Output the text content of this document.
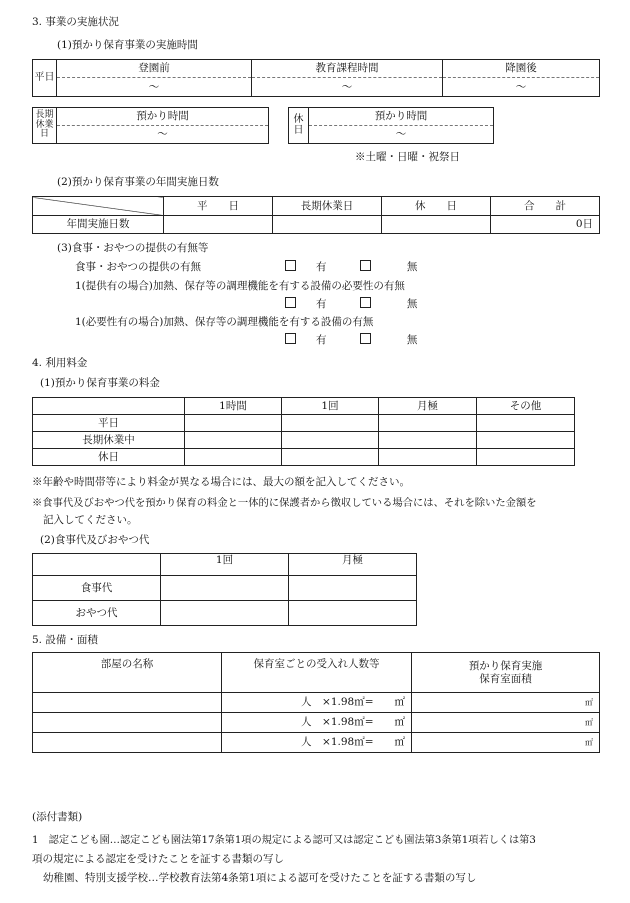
3. 事業の実施状況
(1)預かり保育事業の実施時間
平日	登園前	教育課程時間	降園後
	〜	〜	〜
長期休業日	預かり時間
〜
休日	預かり時間
〜
※土曜・日曜・祝祭日
(2)預かり保育事業の年間実施日数
	平　　日	長期休業日	休　　日	合　　計
年間実施日数				0日
(3)食事・おやつの提供の有無等
食事・おやつの提供の有無	有	無
1(提供有の場合)加熱、保存等の調理機能を有する設備の必要性の有無
有	無
1(必要性有の場合)加熱、保存等の調理機能を有する設備の有無
有	無
4. 利用料金
(1)預かり保育事業の料金
	1時間	1回	月極	その他
平日				
長期休業中				
休日				
※年齢や時間帯等により料金が異なる場合には、最大の額を記入してください。
※食事代及びおやつ代を預かり保育の料金と一体的に保護者から徴収している場合には、それを除いた金額を
記入してください。
(2)食事代及びおやつ代
	1回	月極
食事代		
おやつ代		
5. 設備・面積
部屋の名称	保育室ごとの受入れ人数等	預かり保育実施
保育室面積

	人　×1.98㎡=　　㎡	㎡
	人　×1.98㎡=　　㎡	㎡
	人　×1.98㎡=　　㎡	㎡
(添付書類)
1　認定こども園…認定こども園法第17条第1項の規定による認可又は認定こども園法第3条第1項若しくは第3
項の規定による認定を受けたことを証する書類の写し
幼稚園、特別支援学校…学校教育法第4条第1項による認可を受けたことを証する書類の写し
